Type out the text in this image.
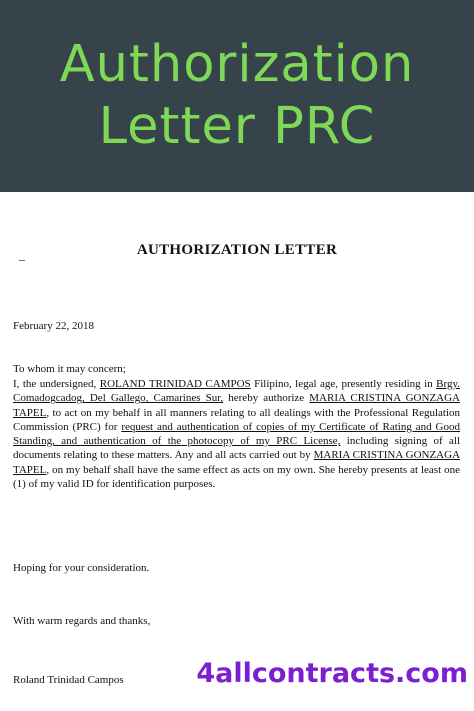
Authorization
Letter PRC
AUTHORIZATION LETTER
–
February 22, 2018
To whom it may concern;

I, the undersigned, ROLAND TRINIDAD CAMPOS Filipino, legal age, presently residing in Brgy. Comadogcadog, Del Gallego, Camarines Sur, hereby authorize MARIA CRISTINA GONZAGA TAPEL, to act on my behalf in all manners relating to all dealings with the Professional Regulation Commission (PRC) for request and authentication of copies of my Certificate of Rating and Good Standing, and authentication of the photocopy of my PRC License, including signing of all documents relating to these matters. Any and all acts carried out by MARIA CRISTINA GONZAGA TAPEL, on my behalf shall have the same effect as acts on my own. She hereby presents at least one (1) of my valid ID for identification purposes.

Hoping for your consideration.
With warm regards and thanks,
Roland Trinidad Campos	4allcontracts.com
